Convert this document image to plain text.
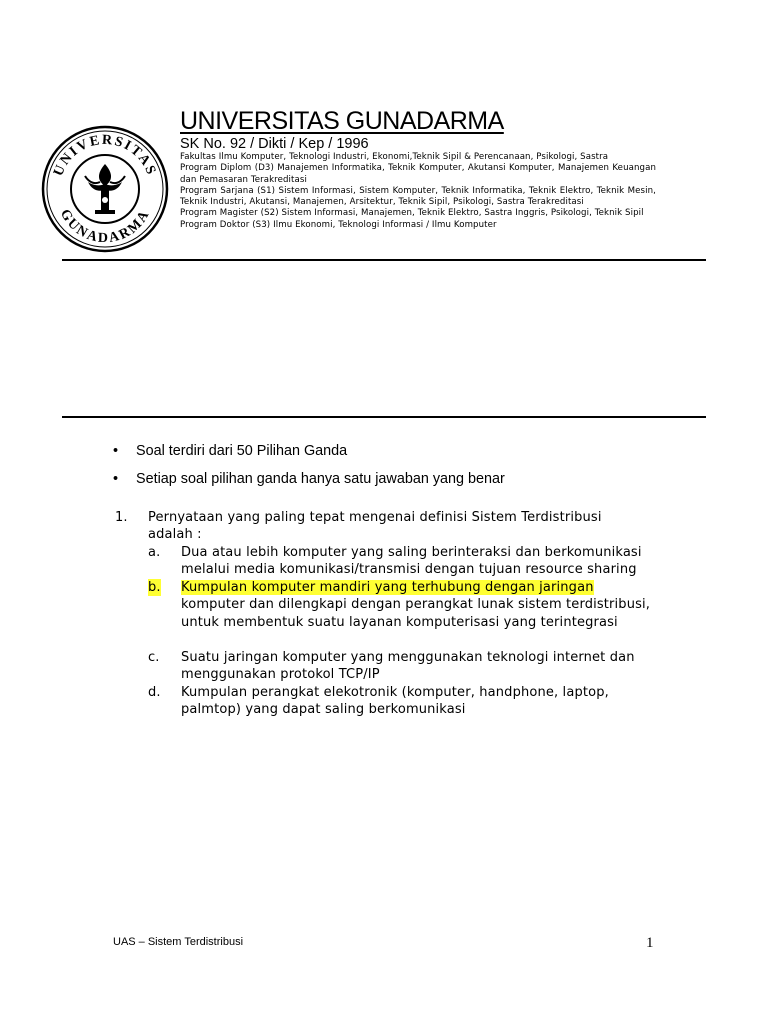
UNIVERSITAS
GUNADARMA
UNIVERSITAS GUNADARMA
SK No. 92 / Dikti / Kep / 1996
Fakultas Ilmu Komputer, Teknologi Industri, Ekonomi,Teknik Sipil & Perencanaan, Psikologi, Sastra
Program Diplom (D3) Manajemen Informatika, Teknik Komputer, Akutansi Komputer, Manajemen Keuangan dan Pemasaran Terakreditasi
Program Sarjana (S1) Sistem Informasi, Sistem Komputer, Teknik Informatika, Teknik Elektro, Teknik Mesin, Teknik Industri, Akutansi, Manajemen, Arsitektur, Teknik Sipil, Psikologi, Sastra Terakreditasi
Program Magister (S2) Sistem Informasi, Manajemen, Teknik Elektro, Sastra Inggris, Psikologi, Teknik Sipil
Program Doktor (S3) Ilmu Ekonomi, Teknologi Informasi / Ilmu Komputer
• Soal terdiri dari 50 Pilihan Ganda
• Setiap soal pilihan ganda hanya satu jawaban yang benar
1. Pernyataan yang paling tepat mengenai definisi Sistem Terdistribusi adalah :
a. Dua atau lebih komputer yang saling berinteraksi dan berkomunikasi melalui media komunikasi/transmisi dengan tujuan resource sharing
b. Kumpulan komputer mandiri yang terhubung dengan jaringan komputer dan dilengkapi dengan perangkat lunak sistem terdistribusi, untuk membentuk suatu layanan komputerisasi yang terintegrasi
c. Suatu jaringan komputer yang menggunakan teknologi internet dan menggunakan protokol TCP/IP
d. Kumpulan perangkat elekotronik (komputer, handphone, laptop, palmtop) yang dapat saling berkomunikasi
UAS – Sistem Terdistribusi	1
